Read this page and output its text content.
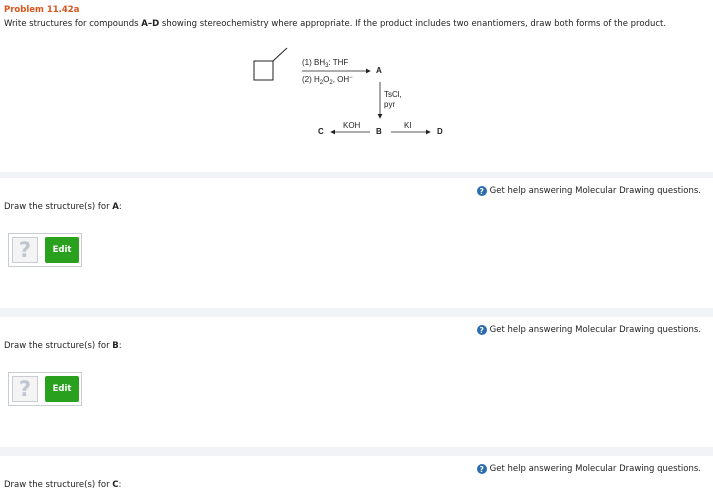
Problem 11.42a
Write structures for compounds A–D showing stereochemistry where appropriate. If the product includes two enantiomers, draw both forms of the product.
(1) $BH_3$: THF
(2) $H_2O_2$, OH−
A
TsCl,
pyr
B
KOH
C
KI
D
? Get help answering Molecular Drawing questions.
Draw the structure(s) for A:
?	Edit
? Get help answering Molecular Drawing questions.
Draw the structure(s) for B:
?	Edit
? Get help answering Molecular Drawing questions.
Draw the structure(s) for C:
